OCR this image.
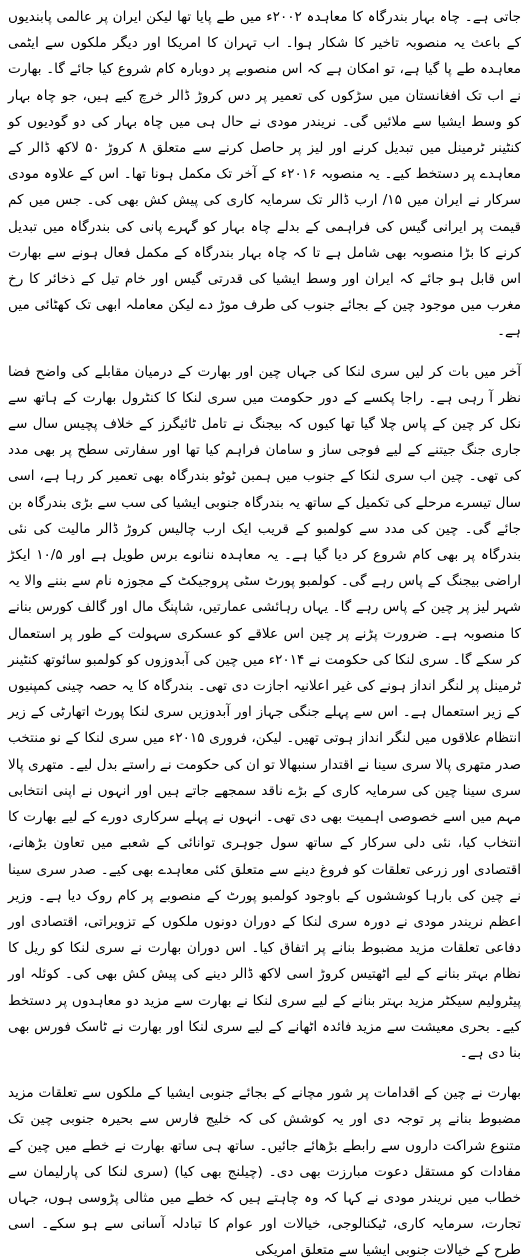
جاتی ہے۔ چاہ بہار بندرگاہ کا معاہدہ ۲۰۰۲ء میں طے پایا تھا لیکن ایران پر عالمی پابندیوں کے باعث یہ منصوبہ تاخیر کا شکار ہوا۔ اب تہران کا امریکا اور دیگر ملکوں سے ایٹمی معاہدہ طے پا گیا ہے، تو امکان ہے کہ اس منصوبے پر دوبارہ کام شروع کیا جائے گا۔ بھارت نے اب تک افغانستان میں سڑکوں کی تعمیر پر دس کروڑ ڈالر خرچ کیے ہیں، جو چاہ بہار کو وسط ایشیا سے ملائیں گی۔ نریندر مودی نے حال ہی میں چاہ بہار کی دو گودیوں کو کنٹینر ٹرمینل میں تبدیل کرنے اور لیز پر حاصل کرنے سے متعلق ۸ کروڑ ۵۰ لاکھ ڈالر کے معاہدے پر دستخط کیے۔ یہ منصوبہ ۲۰۱۶ء کے آخر تک مکمل ہونا تھا۔ اس کے علاوہ مودی سرکار نے ایران میں ۱۵/ ارب ڈالر تک سرمایہ کاری کی پیش کش بھی کی۔ جس میں کم قیمت پر ایرانی گیس کی فراہمی کے بدلے چاہ بہار کو گہرے پانی کی بندرگاہ میں تبدیل کرنے کا بڑا منصوبہ بھی شامل ہے تا کہ چاہ بہار بندرگاہ کے مکمل فعال ہونے سے بھارت اس قابل ہو جائے کہ ایران اور وسط ایشیا کی قدرتی گیس اور خام تیل کے ذخائر کا رخ مغرب میں موجود چین کے بجائے جنوب کی طرف موڑ دے لیکن معاملہ ابھی تک کھٹائی میں ہے۔

آخر میں بات کر لیں سری لنکا کی جہاں چین اور بھارت کے درمیان مقابلے کی واضح فضا نظر آ رہی ہے۔ راجا پکسے کے دور حکومت میں سری لنکا کا کنٹرول بھارت کے ہاتھ سے نکل کر چین کے پاس چلا گیا تھا کیوں کہ بیجنگ نے تامل ٹائیگرز کے خلاف پچیس سال سے جاری جنگ جیتنے کے لیے فوجی ساز و سامان فراہم کیا تھا اور سفارتی سطح پر بھی مدد کی تھی۔ چین اب سری لنکا کے جنوب میں ہمبن ٹوٹو بندرگاہ بھی تعمیر کر رہا ہے، اسی سال تیسرے مرحلے کی تکمیل کے ساتھ یہ بندرگاہ جنوبی ایشیا کی سب سے بڑی بندرگاہ بن جائے گی۔ چین کی مدد سے کولمبو کے قریب ایک ارب چالیس کروڑ ڈالر مالیت کی نئی بندرگاہ پر بھی کام شروع کر دیا گیا ہے۔ یہ معاہدہ ننانوے برس طویل ہے اور ۱۰/۵ ایکڑ اراضی بیجنگ کے پاس رہے گی۔ کولمبو پورٹ سٹی پروجیکٹ کے مجوزہ نام سے بننے والا یہ شہر لیز پر چین کے پاس رہے گا۔ یہاں رہائشی عمارتیں، شاپنگ مال اور گالف کورس بنانے کا منصوبہ ہے۔ ضرورت پڑنے پر چین اس علاقے کو عسکری سہولت کے طور پر استعمال کر سکے گا۔ سری لنکا کی حکومت نے ۲۰۱۴ء میں چین کی آبدوزوں کو کولمبو سائوتھ کنٹینر ٹرمینل پر لنگر انداز ہونے کی غیر اعلانیہ اجازت دی تھی۔ بندرگاہ کا یہ حصہ چینی کمپنیوں کے زیر استعمال ہے۔ اس سے پہلے جنگی جہاز اور آبدوزیں سری لنکا پورٹ اتھارٹی کے زیر انتظام علاقوں میں لنگر انداز ہوتی تھیں۔ لیکن، فروری ۲۰۱۵ء میں سری لنکا کے نو منتخب صدر متھری پالا سری سینا نے اقتدار سنبھالا تو ان کی حکومت نے راستے بدل لیے۔ متھری پالا سری سینا چین کی سرمایہ کاری کے بڑے ناقد سمجھے جاتے ہیں اور انہوں نے اپنی انتخابی مہم میں اسے خصوصی اہمیت بھی دی تھی۔ انہوں نے پہلے سرکاری دورے کے لیے بھارت کا انتخاب کیا، نئی دلی سرکار کے ساتھ سول جوہری توانائی کے شعبے میں تعاون بڑھانے، اقتصادی اور زرعی تعلقات کو فروغ دینے سے متعلق کئی معاہدے بھی کیے۔ صدر سری سینا نے چین کی بارہا کوششوں کے باوجود کولمبو پورٹ کے منصوبے پر کام روک دیا ہے۔ وزیر اعظم نریندر مودی نے دورہ سری لنکا کے دوران دونوں ملکوں کے تزویراتی، اقتصادی اور دفاعی تعلقات مزید مضبوط بنانے پر اتفاق کیا۔ اس دوران بھارت نے سری لنکا کو ریل کا نظام بہتر بنانے کے لیے اٹھتیس کروڑ اسی لاکھ ڈالر دینے کی پیش کش بھی کی۔ کوئلہ اور پیٹرولیم سیکٹر مزید بہتر بنانے کے لیے سری لنکا نے بھارت سے مزید دو معاہدوں پر دستخط کیے۔ بحری معیشت سے مزید فائدہ اٹھانے کے لیے سری لنکا اور بھارت نے ٹاسک فورس بھی بنا دی ہے۔

بھارت نے چین کے اقدامات پر شور مچانے کے بجائے جنوبی ایشیا کے ملکوں سے تعلقات مزید مضبوط بنانے پر توجہ دی اور یہ کوشش کی کہ خلیج فارس سے بحیرہ جنوبی چین تک متنوع شراکت داروں سے رابطے بڑھائے جائیں۔ ساتھ ہی ساتھ بھارت نے خطے میں چین کے مفادات کو مستقل دعوت مبارزت بھی دی۔ (چیلنج بھی کیا) (سری لنکا کی پارلیمان سے خطاب میں نریندر مودی نے کہا کہ وہ چاہتے ہیں کہ خطے میں مثالی پڑوسی ہوں، جہاں تجارت، سرمایہ کاری، ٹیکنالوجی، خیالات اور عوام کا تبادلہ آسانی سے ہو سکے۔ اسی طرح کے خیالات جنوبی ایشیا سے متعلق امریکی
